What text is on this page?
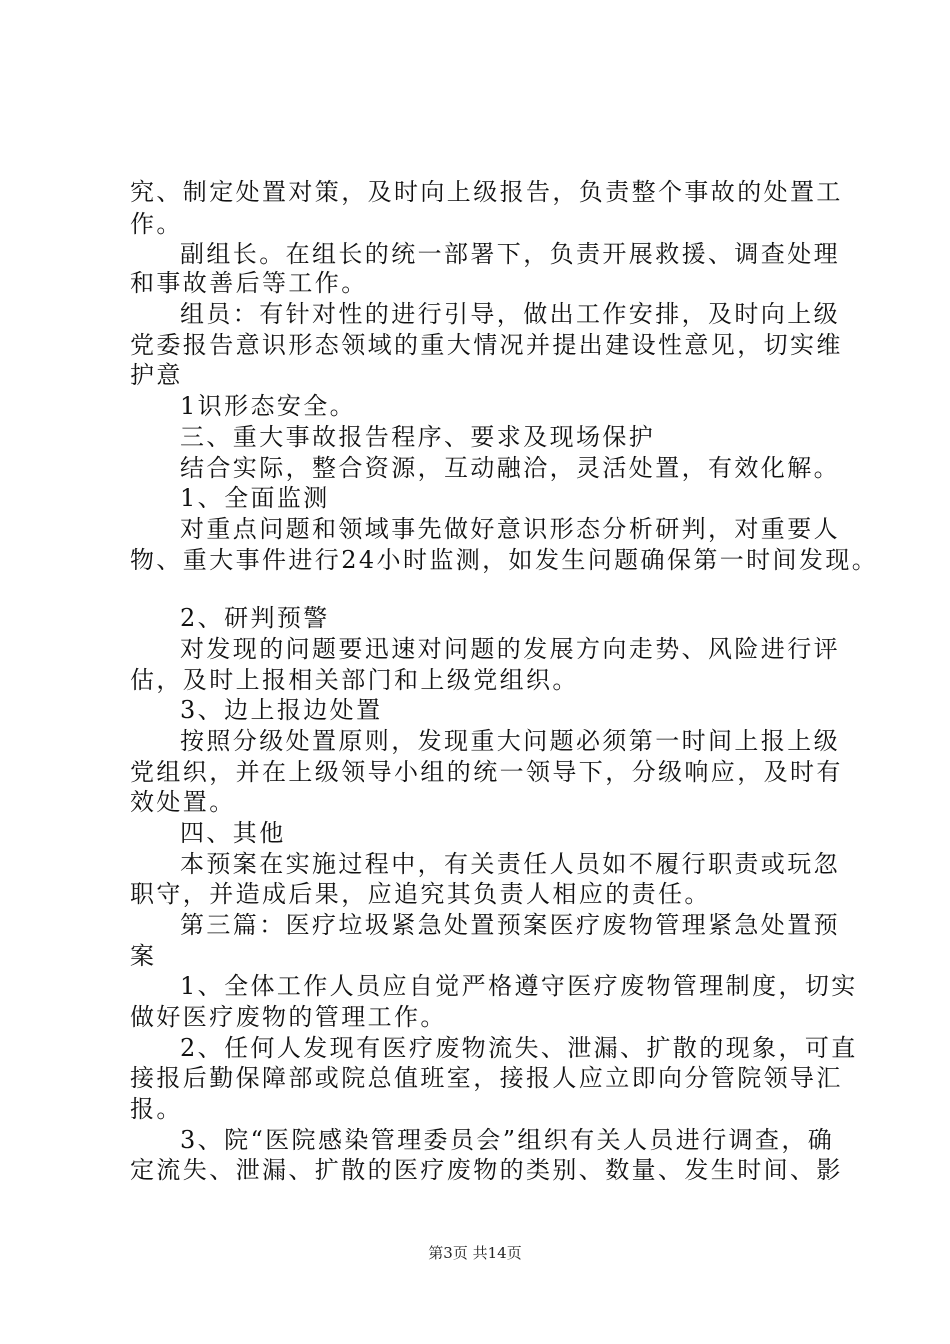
究、制定处置对策，及时向上级报告，负责整个事故的处置工
作。
副组长。在组长的统一部署下，负责开展救援、调查处理
和事故善后等工作。
组员：有针对性的进行引导，做出工作安排，及时向上级
党委报告意识形态领域的重大情况并提出建设性意见，切实维
护意
1识形态安全。
三、重大事故报告程序、要求及现场保护
结合实际，整合资源，互动融洽，灵活处置，有效化解。
1、全面监测
对重点问题和领域事先做好意识形态分析研判，对重要人
物、重大事件进行24小时监测，如发生问题确保第一时间发现。
2、研判预警
对发现的问题要迅速对问题的发展方向走势、风险进行评
估，及时上报相关部门和上级党组织。
3、边上报边处置
按照分级处置原则，发现重大问题必须第一时间上报上级
党组织，并在上级领导小组的统一领导下，分级响应，及时有
效处置。
四、其他
本预案在实施过程中，有关责任人员如不履行职责或玩忽
职守，并造成后果，应追究其负责人相应的责任。
第三篇：医疗垃圾紧急处置预案医疗废物管理紧急处置预
案
1、全体工作人员应自觉严格遵守医疗废物管理制度，切实
做好医疗废物的管理工作。
2、任何人发现有医疗废物流失、泄漏、扩散的现象，可直
接报后勤保障部或院总值班室，接报人应立即向分管院领导汇
报。
3、院“医院感染管理委员会”组织有关人员进行调查，确
定流失、泄漏、扩散的医疗废物的类别、数量、发生时间、影
第3页 共14页
